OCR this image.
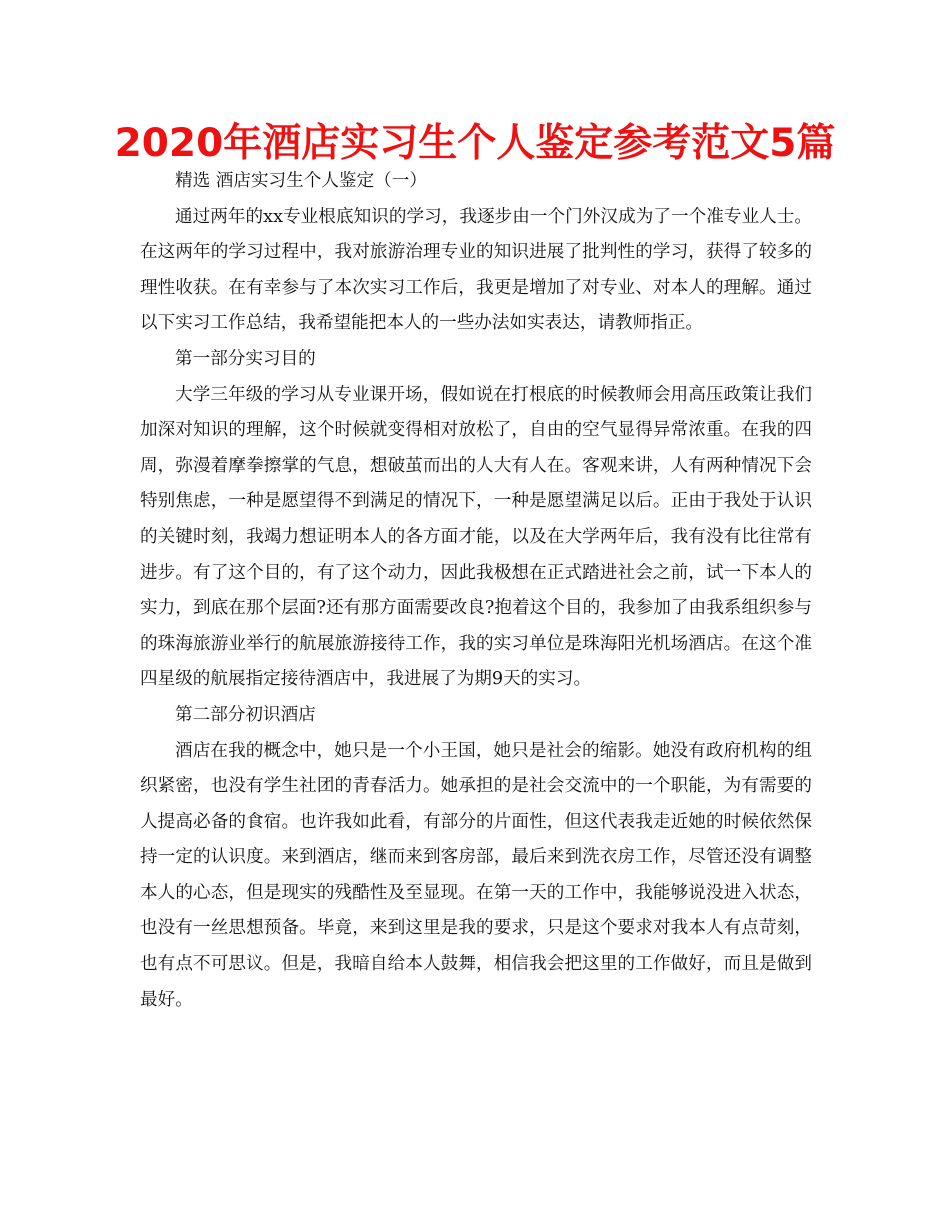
2020年酒店实习生个人鉴定参考范文5篇

精选 酒店实习生个人鉴定（一）

通过两年的xx专业根底知识的学习，我逐步由一个门外汉成为了一个准专业人士。在这两年的学习过程中，我对旅游治理专业的知识进展了批判性的学习，获得了较多的理性收获。在有幸参与了本次实习工作后，我更是增加了对专业、对本人的理解。通过以下实习工作总结，我希望能把本人的一些办法如实表达，请教师指正。

第一部分实习目的

大学三年级的学习从专业课开场，假如说在打根底的时候教师会用高压政策让我们加深对知识的理解，这个时候就变得相对放松了，自由的空气显得异常浓重。在我的四周，弥漫着摩拳擦掌的气息，想破茧而出的人大有人在。客观来讲，人有两种情况下会特别焦虑，一种是愿望得不到满足的情况下，一种是愿望满足以后。正由于我处于认识的关键时刻，我竭力想证明本人的各方面才能，以及在大学两年后，我有没有比往常有进步。有了这个目的，有了这个动力，因此我极想在正式踏进社会之前，试一下本人的实力，到底在那个层面?还有那方面需要改良?抱着这个目的，我参加了由我系组织参与的珠海旅游业举行的航展旅游接待工作，我的实习单位是珠海阳光机场酒店。在这个准四星级的航展指定接待酒店中，我进展了为期9天的实习。

第二部分初识酒店

酒店在我的概念中，她只是一个小王国，她只是社会的缩影。她没有政府机构的组织紧密，也没有学生社团的青春活力。她承担的是社会交流中的一个职能，为有需要的人提高必备的食宿。也许我如此看，有部分的片面性，但这代表我走近她的时候依然保持一定的认识度。来到酒店，继而来到客房部，最后来到洗衣房工作，尽管还没有调整本人的心态，但是现实的残酷性及至显现。在第一天的工作中，我能够说没进入状态，也没有一丝思想预备。毕竟，来到这里是我的要求，只是这个要求对我本人有点苛刻，也有点不可思议。但是，我暗自给本人鼓舞，相信我会把这里的工作做好，而且是做到最好。
